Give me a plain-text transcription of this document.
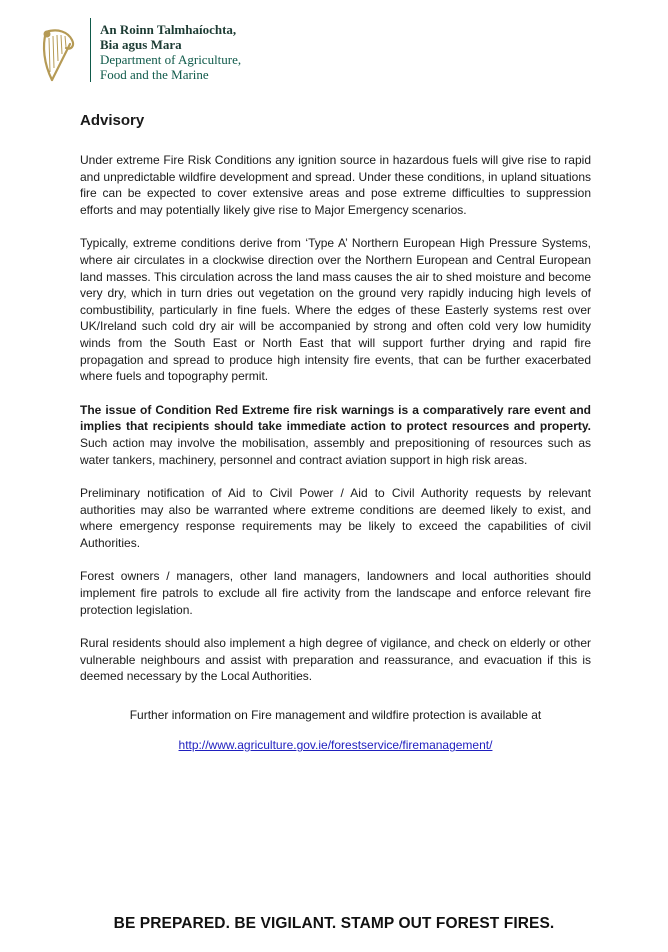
An Roinn Talmhaíochta,
Bia agus Mara
Department of Agriculture,
Food and the Marine
Advisory

Under extreme Fire Risk Conditions any ignition source in hazardous fuels will give rise to rapid and unpredictable wildfire development and spread. Under these conditions, in upland situations fire can be expected to cover extensive areas and pose extreme difficulties to suppression efforts and may potentially likely give rise to Major Emergency scenarios.

Typically, extreme conditions derive from ‘Type A’ Northern European High Pressure Systems, where air circulates in a clockwise direction over the Northern European and Central European land masses. This circulation across the land mass causes the air to shed moisture and become very dry, which in turn dries out vegetation on the ground very rapidly inducing high levels of combustibility, particularly in fine fuels. Where the edges of these Easterly systems rest over UK/Ireland such cold dry air will be accompanied by strong and often cold very low humidity winds from the South East or North East that will support further drying and rapid fire propagation and spread to produce high intensity fire events, that can be further exacerbated where fuels and topography permit.

The issue of Condition Red Extreme fire risk warnings is a comparatively rare event and implies that recipients should take immediate action to protect resources and property. Such action may involve the mobilisation, assembly and prepositioning of resources such as water tankers, machinery, personnel and contract aviation support in high risk areas.

Preliminary notification of Aid to Civil Power / Aid to Civil Authority requests by relevant authorities may also be warranted where extreme conditions are deemed likely to exist, and where emergency response requirements may be likely to exceed the capabilities of civil Authorities.

Forest owners / managers, other land managers, landowners and local authorities should implement fire patrols to exclude all fire activity from the landscape and enforce relevant fire protection legislation.

Rural residents should also implement a high degree of vigilance, and check on elderly or other vulnerable neighbours and assist with preparation and reassurance, and evacuation if this is deemed necessary by the Local Authorities.

Further information on Fire management and wildfire protection is available at
http://www.agriculture.gov.ie/forestservice/firemanagement/
BE PREPARED. BE VIGILANT. STAMP OUT FOREST FIRES.
